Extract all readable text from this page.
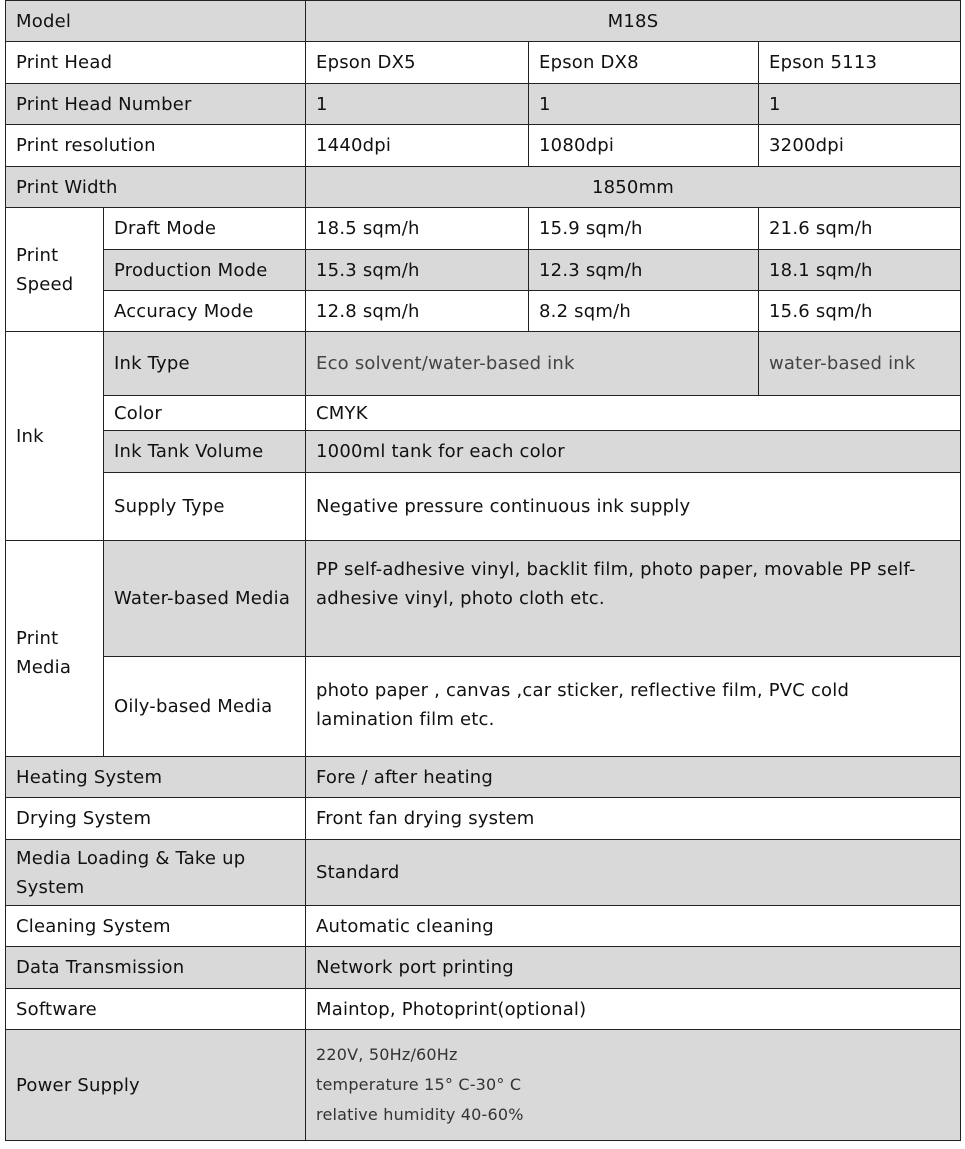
Model		M18S		
Print Head		Epson DX5	Epson DX8	Epson 5113
Print Head Number		1	1	1
Print resolution		1440dpi	1080dpi	3200dpi
Print Width		1850mm		
Print Speed	Draft Mode	18.5 sqm/h	15.9 sqm/h	21.6 sqm/h
	Production Mode	15.3 sqm/h	12.3 sqm/h	18.1 sqm/h
	Accuracy Mode	12.8 sqm/h	8.2 sqm/h	15.6 sqm/h
Ink	Ink Type	Eco solvent/water-based ink		water-based ink
	Color	CMYK		
	Ink Tank Volume	1000ml tank for each color		
	Supply Type	Negative pressure continuous ink supply		
Print Media	Water-based Media	PP self-adhesive vinyl, backlit film, photo paper, movable PP self-adhesive vinyl, photo cloth etc.		
	Oily-based Media	photo paper , canvas ,car sticker, reflective film, PVC cold lamination film etc.		
Heating System		Fore / after heating		
Drying System		Front fan drying system		
Media Loading & Take up System		Standard		
Cleaning System		Automatic cleaning		
Data Transmission		Network port printing		
Software		Maintop, Photoprint(optional)		
Power Supply		220V, 50Hz/60Hz
temperature 15° C-30° C
relative humidity 40-60%		
